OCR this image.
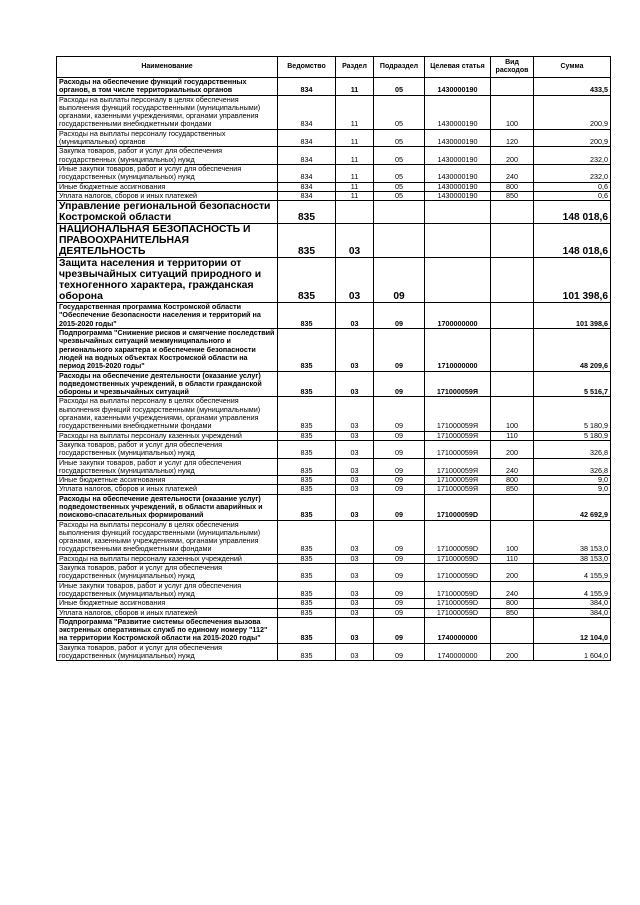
Наименование	Ведомство	Раздел	Подраздел	Целевая статья	Вид расходов	Сумма
Расходы на обеспечение функций государственных органов, в том числе территориальных органов	834	11	05	1430000190		433,5
Расходы на выплаты персоналу в целях обеспечения выполнения функций государственными (муниципальными) органами, казенными учреждениями, органами управления государственными внебюджетными фондами	834	11	05	1430000190	100	200,9
Расходы на выплаты персоналу государственных (муниципальных) органов	834	11	05	1430000190	120	200,9
Закупка товаров, работ и услуг для обеспечения государственных (муниципальных) нужд	834	11	05	1430000190	200	232,0
Иные закупки товаров, работ и услуг для обеспечения государственных (муниципальных) нужд	834	11	05	1430000190	240	232,0
Иные бюджетные ассигнования	834	11	05	1430000190	800	0,6
Уплата налогов, сборов и иных платежей	834	11	05	1430000190	850	0,6
Управление региональной безопасности Костромской области	835					148 018,6
НАЦИОНАЛЬНАЯ БЕЗОПАСНОСТЬ И ПРАВООХРАНИТЕЛЬНАЯ ДЕЯТЕЛЬНОСТЬ	835	03				148 018,6
Защита населения и территории от чрезвычайных ситуаций природного и техногенного характера, гражданская оборона	835	03	09			101 398,6
Государственная программа Костромской области "Обеспечение безопасности населения и территорий на 2015-2020 годы"	835	03	09	1700000000		101 398,6
Подпрограмма "Снижение рисков и смягчение последствий чрезвычайных ситуаций межмуниципального и регионального характера и обеспечение безопасности людей на водных объектах Костромской области на период 2015-2020 годы"	835	03	09	1710000000		48 209,6
Расходы на обеспечение деятельности (оказание услуг) подведомственных учреждений, в области гражданской обороны и чрезвычайных ситуаций	835	03	09	171000059Я		5 516,7
Расходы на выплаты персоналу в целях обеспечения выполнения функций государственными (муниципальными) органами, казенными учреждениями, органами управления государственными внебюджетными фондами	835	03	09	171000059Я	100	5 180,9
Расходы на выплаты персоналу казенных учреждений	835	03	09	171000059Я	110	5 180,9
Закупка товаров, работ и услуг для обеспечения государственных (муниципальных) нужд	835	03	09	171000059Я	200	326,8
Иные закупки товаров, работ и услуг для обеспечения государственных (муниципальных) нужд	835	03	09	171000059Я	240	326,8
Иные бюджетные ассигнования	835	03	09	171000059Я	800	9,0
Уплата налогов, сборов и иных платежей	835	03	09	171000059Я	850	9,0
Расходы на обеспечение деятельности (оказание услуг) подведомственных учреждений, в области аварийных и поисково-спасательных формирований	835	03	09	171000059D		42 692,9
Расходы на выплаты персоналу в целях обеспечения выполнения функций государственными (муниципальными) органами, казенными учреждениями, органами управления государственными внебюджетными фондами	835	03	09	171000059D	100	38 153,0
Расходы на выплаты персоналу казенных учреждений	835	03	09	171000059D	110	38 153,0
Закупка товаров, работ и услуг для обеспечения государственных (муниципальных) нужд	835	03	09	171000059D	200	4 155,9
Иные закупки товаров, работ и услуг для обеспечения государственных (муниципальных) нужд	835	03	09	171000059D	240	4 155,9
Иные бюджетные ассигнования	835	03	09	171000059D	800	384,0
Уплата налогов, сборов и иных платежей	835	03	09	171000059D	850	384,0
Подпрограмма "Развитие системы обеспечения вызова экстренных оперативных служб по единому номеру "112" на территории Костромской области на 2015-2020 годы"	835	03	09	1740000000		12 104,0
Закупка товаров, работ и услуг для обеспечения государственных (муниципальных) нужд	835	03	09	1740000000	200	1 604,0
